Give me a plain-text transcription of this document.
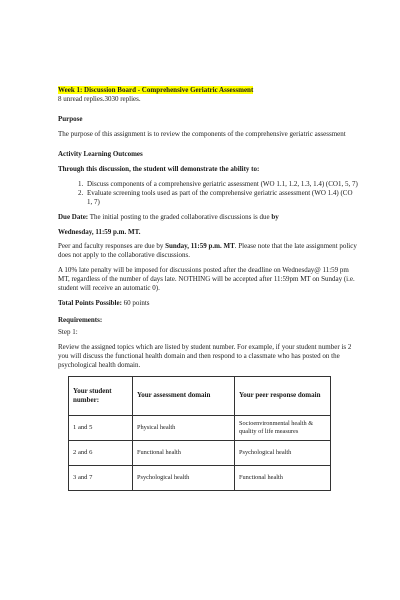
Week 1: Discussion Board - Comprehensive Geriatric Assessment

8 unread replies.3030 replies.

Purpose

The purpose of this assignment is to review the components of the comprehensive geriatric assessment

Activity Learning Outcomes

Through this discussion, the student will demonstrate the ability to:

1. Discuss components of a comprehensive geriatric assessment (WO 1.1, 1.2, 1.3, 1.4) (CO1, 5, 7)
2. Evaluate screening tools used as part of the comprehensive geriatric assessment (WO 1.4) (CO 1, 7)

Due Date: The initial posting to the graded collaborative discussions is due by

Wednesday, 11:59 p.m. MT.

Peer and faculty responses are due by Sunday, 11:59 p.m. MT. Please note that the late assignment policy does not apply to the collaborative discussions.

A 10% late penalty will be imposed for discussions posted after the deadline on Wednesday@ 11:59 pm MT, regardless of the number of days late. NOTHING will be accepted after 11:59pm MT on Sunday (i.e. student will receive an automatic 0).

Total Points Possible: 60 points

Requirements:

Step 1:

Review the assigned topics which are listed by student number. For example, if your student number is 2 you will discuss the functional health domain and then respond to a classmate who has posted on the psychological health domain.

Your student number:	Your assessment domain	Your peer response domain
1 and 5	Physical health	Socioenvironmental health & quality of life measures
2 and 6	Functional health	Psychological health
3 and 7	Psychological health	Functional health
